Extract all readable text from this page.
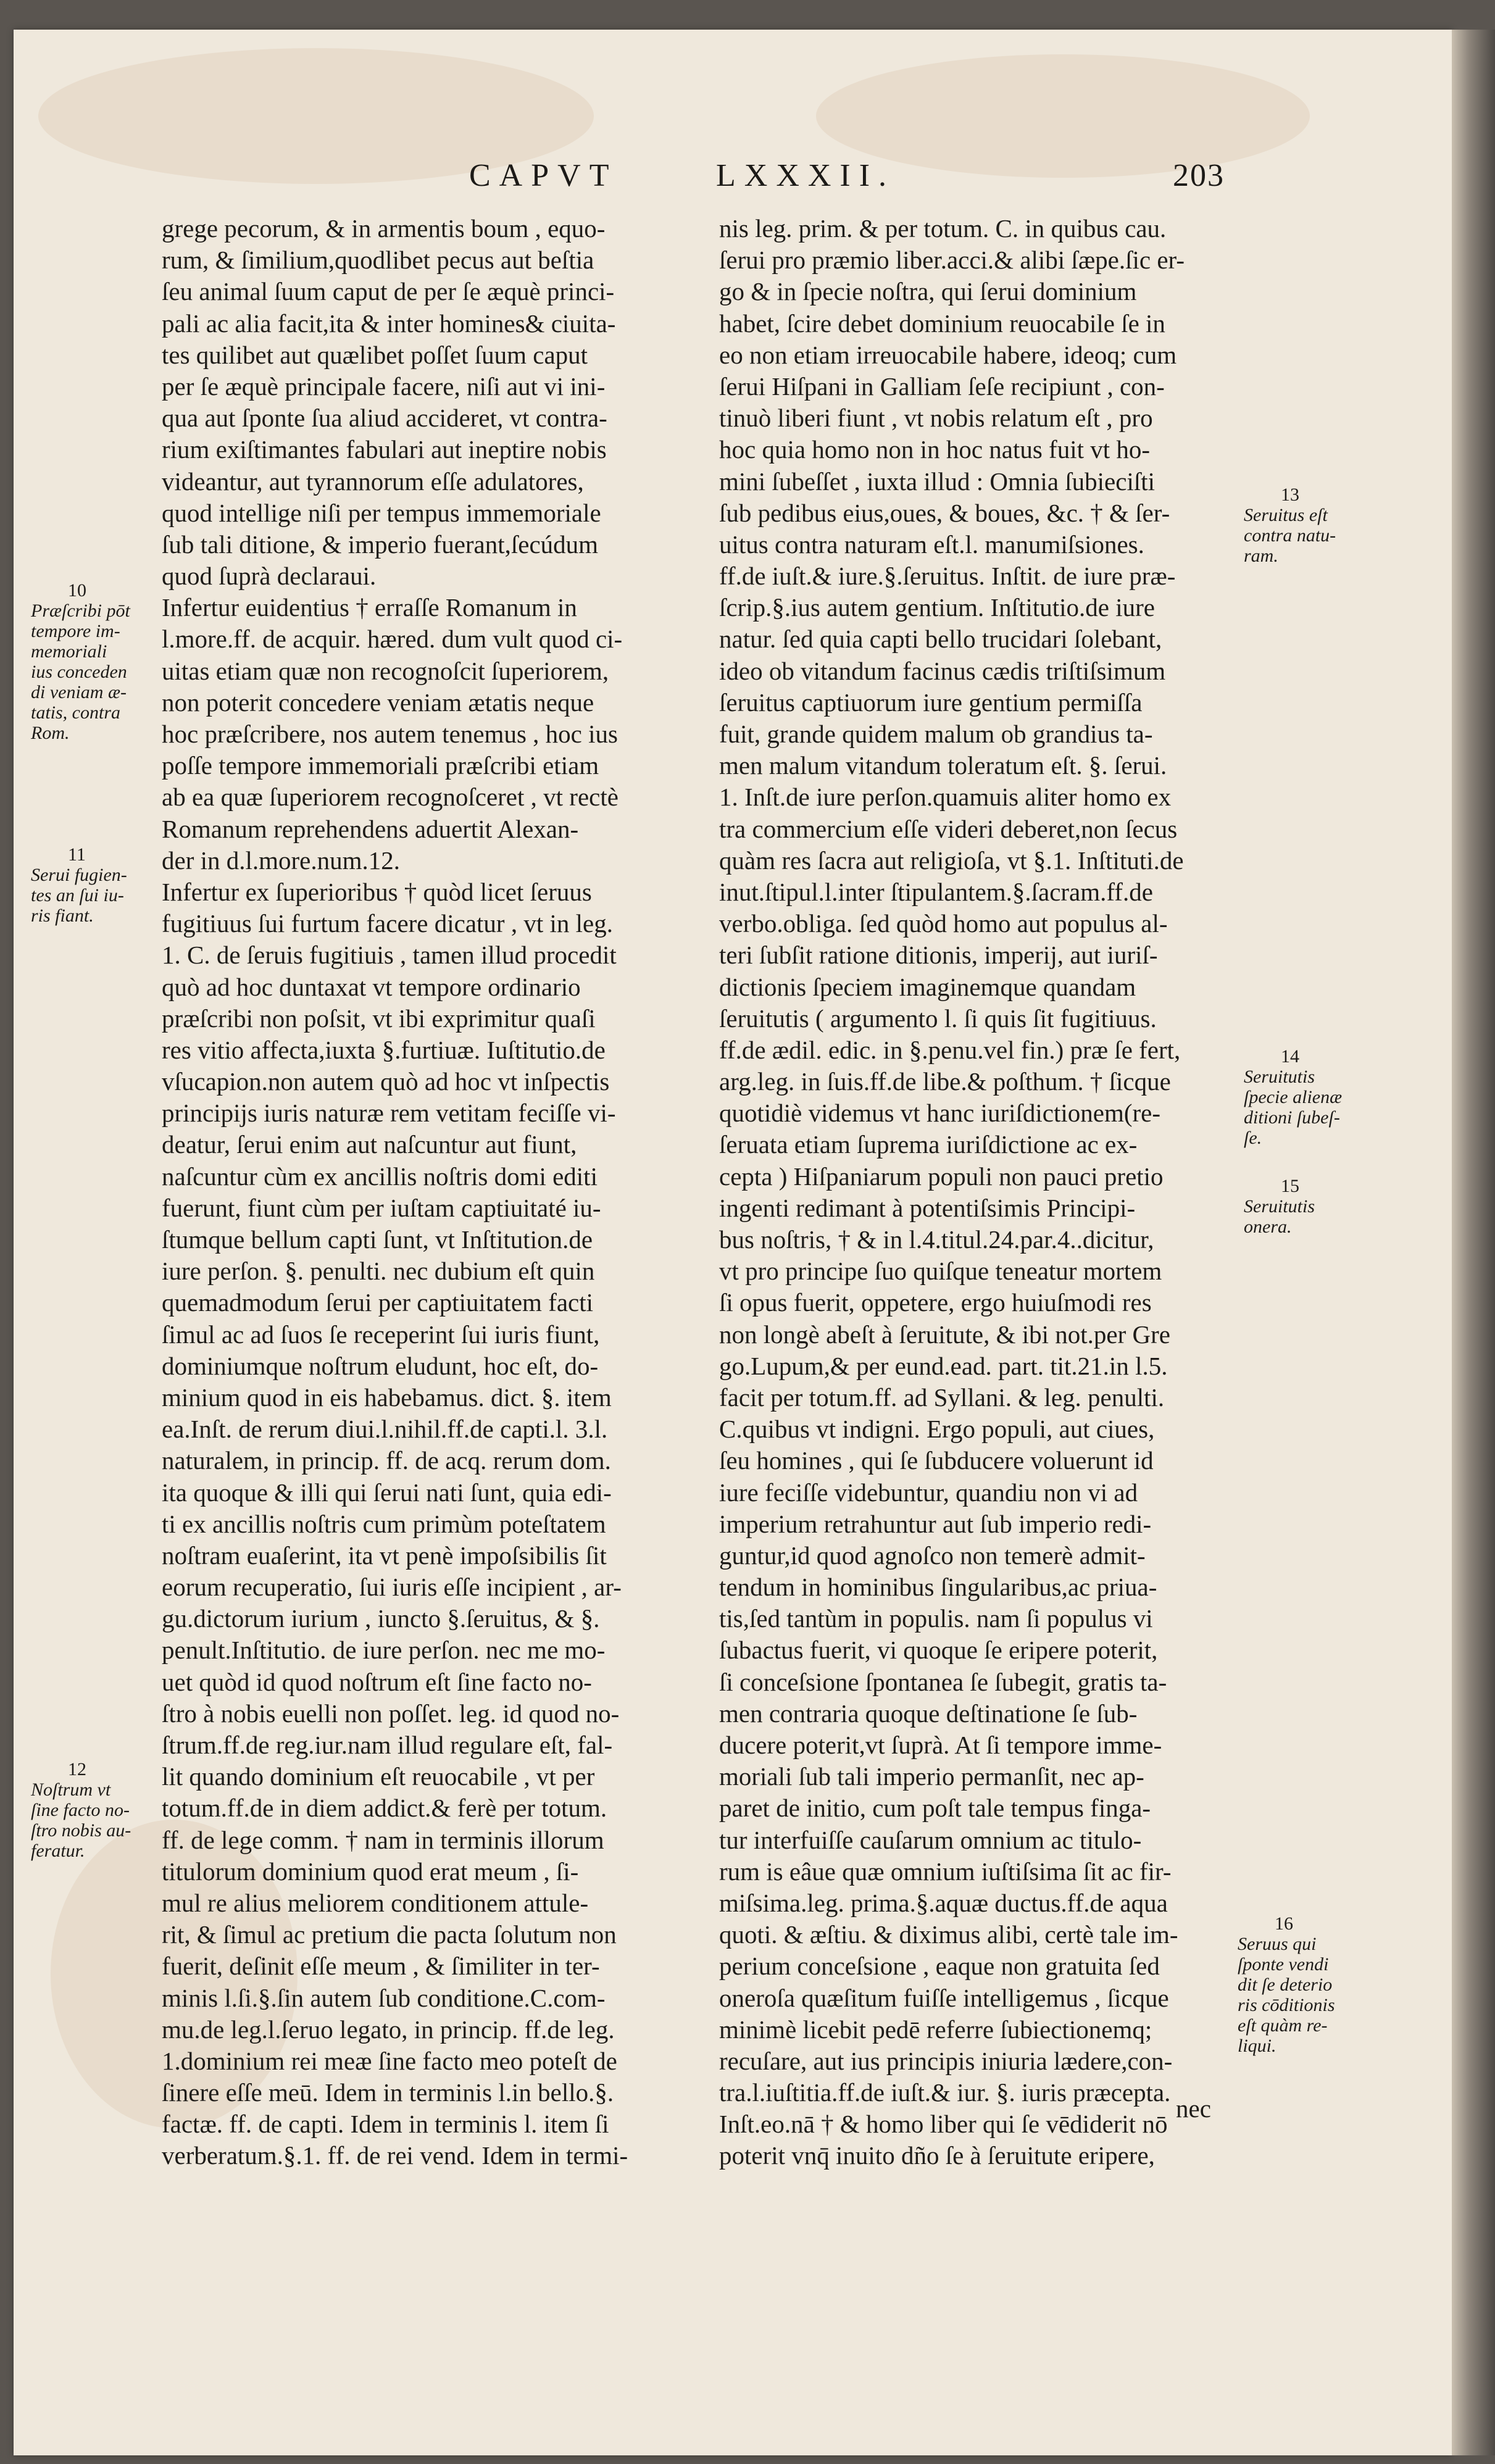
CAPVT	LXXXII.	203
grege pecorum, & in armentis boum , equo-
rum, & ſimilium,quodlibet pecus aut beſtia
ſeu animal ſuum caput de per ſe æquè princi-
pali ac alia facit,ita & inter homines& ciuita-
tes quilibet aut quælibet poſſet ſuum caput
per ſe æquè principale facere, niſi aut vi ini-
qua aut ſponte ſua aliud accideret, vt contra-
rium exiſtimantes fabulari aut ineptire nobis
videantur, aut tyrannorum eſſe adulatores,
quod intellige niſi per tempus immemoriale
ſub tali ditione, & imperio fuerant,ſecúdum
quod ſuprà declaraui.
Infertur euidentius † erraſſe Romanum in
l.more.ff. de acquir. hæred. dum vult quod ci-
uitas etiam quæ non recognoſcit ſuperiorem,
non poterit concedere veniam ætatis neque
hoc præſcribere, nos autem tenemus , hoc ius
poſſe tempore immemoriali præſcribi etiam
ab ea quæ ſuperiorem recognoſceret , vt rectè
Romanum reprehendens aduertit Alexan-
der in d.l.more.num.12.
Infertur ex ſuperioribus † quòd licet ſeruus
fugitiuus ſui furtum facere dicatur , vt in leg.
1. C. de ſeruis fugitiuis , tamen illud procedit
quò ad hoc duntaxat vt tempore ordinario
præſcribi non poſsit, vt ibi exprimitur quaſi
res vitio affecta,iuxta §.furtiuæ. Iuſtitutio.de
vſucapion.non autem quò ad hoc vt inſpectis
principijs iuris naturæ rem vetitam feciſſe vi-
deatur, ſerui enim aut naſcuntur aut fiunt,
naſcuntur cùm ex ancillis noſtris domi editi
fuerunt, fiunt cùm per iuſtam captiuitaté iu-
ſtumque bellum capti ſunt, vt Inſtitution.de
iure perſon. §. penulti. nec dubium eſt quin
quemadmodum ſerui per captiuitatem facti
ſimul ac ad ſuos ſe receperint ſui iuris fiunt,
dominiumque noſtrum eludunt, hoc eſt, do-
minium quod in eis habebamus. dict. §. item
ea.Inſt. de rerum diui.l.nihil.ff.de capti.l. 3.l.
naturalem, in princip. ff. de acq. rerum dom.
ita quoque & illi qui ſerui nati ſunt, quia edi-
ti ex ancillis noſtris cum primùm poteſtatem
noſtram euaſerint, ita vt penè impoſsibilis ſit
eorum recuperatio, ſui iuris eſſe incipient , ar-
gu.dictorum iurium , iuncto §.ſeruitus, & §.
penult.Inſtitutio. de iure perſon. nec me mo-
uet quòd id quod noſtrum eſt ſine facto no-
ſtro à nobis euelli non poſſet. leg. id quod no-
ſtrum.ff.de reg.iur.nam illud regulare eſt, fal-
lit quando dominium eſt reuocabile , vt per
totum.ff.de in diem addict.& ferè per totum.
ff. de lege comm. † nam in terminis illorum
titulorum dominium quod erat meum , ſi-
mul re alius meliorem conditionem attule-
rit, & ſimul ac pretium die pacta ſolutum non
fuerit, deſinit eſſe meum , & ſimiliter in ter-
minis l.ſi.§.ſin autem ſub conditione.C.com-
mu.de leg.l.ſeruo legato, in princip. ff.de leg.
1.dominium rei meæ ſine facto meo poteſt de
ſinere eſſe meū. Idem in terminis l.in bello.§.
factæ. ff. de capti. Idem in terminis l. item ſi
verberatum.§.1. ff. de rei vend. Idem in termi-
nis leg. prim. & per totum. C. in quibus cau.
ſerui pro præmio liber.acci.& alibi ſæpe.ſic er-
go & in ſpecie noſtra, qui ſerui dominium
habet, ſcire debet dominium reuocabile ſe in
eo non etiam irreuocabile habere, ideoq; cum
ſerui Hiſpani in Galliam ſeſe recipiunt , con-
tinuò liberi fiunt , vt nobis relatum eſt , pro
hoc quia homo non in hoc natus fuit vt ho-
mini ſubeſſet , iuxta illud : Omnia ſubieciſti
ſub pedibus eius,oues, & boues, &c. † & ſer-
uitus contra naturam eſt.l. manumiſsiones.
ff.de iuſt.& iure.§.ſeruitus. Inſtit. de iure præ-
ſcrip.§.ius autem gentium. Inſtitutio.de iure
natur. ſed quia capti bello trucidari ſolebant,
ideo ob vitandum facinus cædis triſtiſsimum
ſeruitus captiuorum iure gentium permiſſa
fuit, grande quidem malum ob grandius ta-
men malum vitandum toleratum eſt. §. ſerui.
1. Inſt.de iure perſon.quamuis aliter homo ex
tra commercium eſſe videri deberet,non ſecus
quàm res ſacra aut religioſa, vt §.1. Inſtituti.de
inut.ſtipul.l.inter ſtipulantem.§.ſacram.ff.de
verbo.obliga. ſed quòd homo aut populus al-
teri ſubſit ratione ditionis, imperij, aut iuriſ-
dictionis ſpeciem imaginemque quandam
ſeruitutis ( argumento l. ſi quis ſit fugitiuus.
ff.de ædil. edic. in §.penu.vel fin.) præ ſe fert,
arg.leg. in ſuis.ff.de libe.& poſthum. † ſicque
quotidiè videmus vt hanc iuriſdictionem(re-
ſeruata etiam ſuprema iuriſdictione ac ex-
cepta ) Hiſpaniarum populi non pauci pretio
ingenti redimant à potentiſsimis Principi-
bus noſtris, † & in l.4.titul.24.par.4..dicitur,
vt pro principe ſuo quiſque teneatur mortem
ſi opus fuerit, oppetere, ergo huiuſmodi res
non longè abeſt à ſeruitute, & ibi not.per Gre
go.Lupum,& per eund.ead. part. tit.21.in l.5.
facit per totum.ff. ad Syllani. & leg. penulti.
C.quibus vt indigni. Ergo populi, aut ciues,
ſeu homines , qui ſe ſubducere voluerunt id
iure feciſſe videbuntur, quandiu non vi ad
imperium retrahuntur aut ſub imperio redi-
guntur,id quod agnoſco non temerè admit-
tendum in hominibus ſingularibus,ac priua-
tis,ſed tantùm in populis. nam ſi populus vi
ſubactus fuerit, vi quoque ſe eripere poterit,
ſi conceſsione ſpontanea ſe ſubegit, gratis ta-
men contraria quoque deſtinatione ſe ſub-
ducere poterit,vt ſuprà. At ſi tempore imme-
moriali ſub tali imperio permanſit, nec ap-
paret de initio, cum poſt tale tempus finga-
tur interfuiſſe cauſarum omnium ac titulo-
rum is eâue quæ omnium iuſtiſsima ſit ac fir-
miſsima.leg. prima.§.aquæ ductus.ff.de aqua
quoti. & æſtiu. & diximus alibi, certè tale im-
perium conceſsione , eaque non gratuita ſed
oneroſa quæſitum fuiſſe intelligemus , ſicque
minimè licebit pedē referre ſubiectionemq;
recuſare, aut ius principis iniuria lædere,con-
tra.l.iuſtitia.ff.de iuſt.& iur. §. iuris præcepta.
Inſt.eo.nā † & homo liber qui ſe vēdiderit nō
poterit vnq̄ inuito dño ſe à ſeruitute eripere,
nec
10
Præſcribi pōt
tempore im-
memoriali
ius conceden
di veniam æ-
tatis, contra
Rom.
11
Serui fugien-
tes an ſui iu-
ris fiant.
12
Noſtrum vt
ſine facto no-
ſtro nobis au-
feratur.
13
Seruitus eſt
contra natu-
ram.
14
Seruitutis
ſpecie alienæ
ditioni ſubeſ-
ſe.
15
Seruitutis
onera.
16
Seruus qui
ſponte vendi
dit ſe deterio
ris cōditionis
eſt quàm re-
liqui.
